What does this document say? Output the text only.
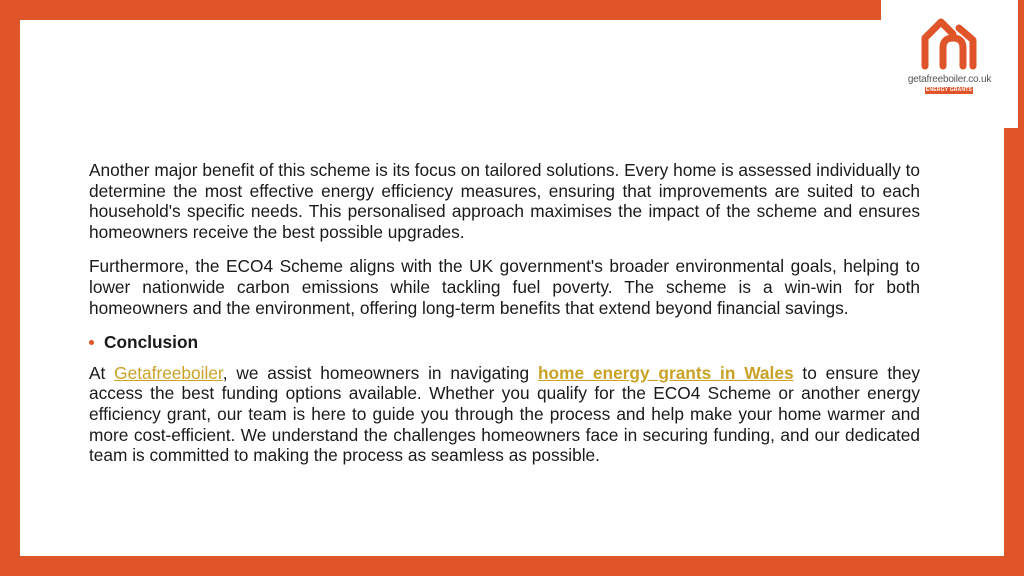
getafreeboiler.co.uk
ENERGY GRANTS

Another major benefit of this scheme is its focus on tailored solutions. Every home is assessed individually to determine the most effective energy efficiency measures, ensuring that improvements are suited to each household's specific needs. This personalised approach maximises the impact of the scheme and ensures homeowners receive the best possible upgrades.

Furthermore, the ECO4 Scheme aligns with the UK government's broader environmental goals, helping to lower nationwide carbon emissions while tackling fuel poverty. The scheme is a win-win for both homeowners and the environment, offering long-term benefits that extend beyond financial savings.

Conclusion

At Getafreeboiler, we assist homeowners in navigating home energy grants in Wales to ensure they access the best funding options available. Whether you qualify for the ECO4 Scheme or another energy efficiency grant, our team is here to guide you through the process and help make your home warmer and more cost-efficient. We understand the challenges homeowners face in securing funding, and our dedicated team is committed to making the process as seamless as possible.
